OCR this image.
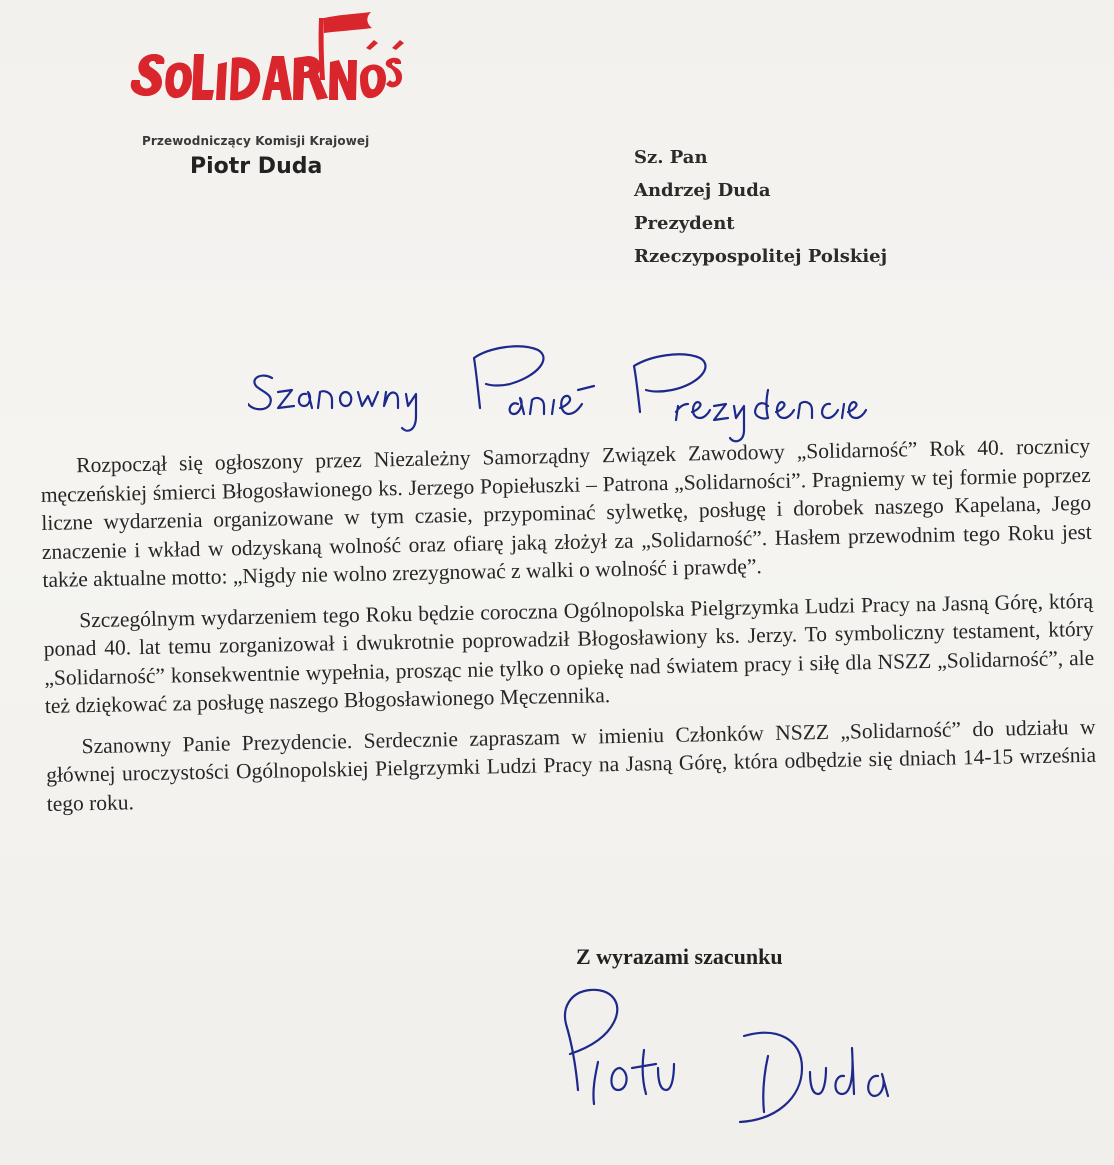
Przewodniczący Komisji Krajowej
Piotr Duda	Sz. Pan
Andrzej Duda
Prezydent
Rzeczypospolitej Polskiej

Rozpoczął się ogłoszony przez Niezależny Samorządny Związek Zawodowy „Solidarność” Rok 40. rocznicy męczeńskiej śmierci Błogosławionego ks. Jerzego Popiełuszki – Patrona „Solidarności”. Pragniemy w tej formie poprzez liczne wydarzenia organizowane w tym czasie, przypominać sylwetkę, posługę i dorobek naszego Kapelana, Jego znaczenie i wkład w odzyskaną wolność oraz ofiarę jaką złożył za „Solidarność”. Hasłem przewodnim tego Roku jest także aktualne motto: „Nigdy nie wolno zrezygnować z walki o wolność i prawdę”.

Szczególnym wydarzeniem tego Roku będzie coroczna Ogólnopolska Pielgrzymka Ludzi Pracy na Jasną Górę, którą ponad 40. lat temu zorganizował i dwukrotnie poprowadził Błogosławiony ks. Jerzy. To symboliczny testament, który „Solidarność” konsekwentnie wypełnia, prosząc nie tylko o opiekę nad światem pracy i siłę dla NSZZ „Solidarność”, ale też dziękować za posługę naszego Błogosławionego Męczennika.

Szanowny Panie Prezydencie. Serdecznie zapraszam w imieniu Członków NSZZ „Solidarność” do udziału w głównej uroczystości Ogólnopolskiej Pielgrzymki Ludzi Pracy na Jasną Górę, która odbędzie się dniach 14-15 września tego roku.

Z wyrazami szacunku
